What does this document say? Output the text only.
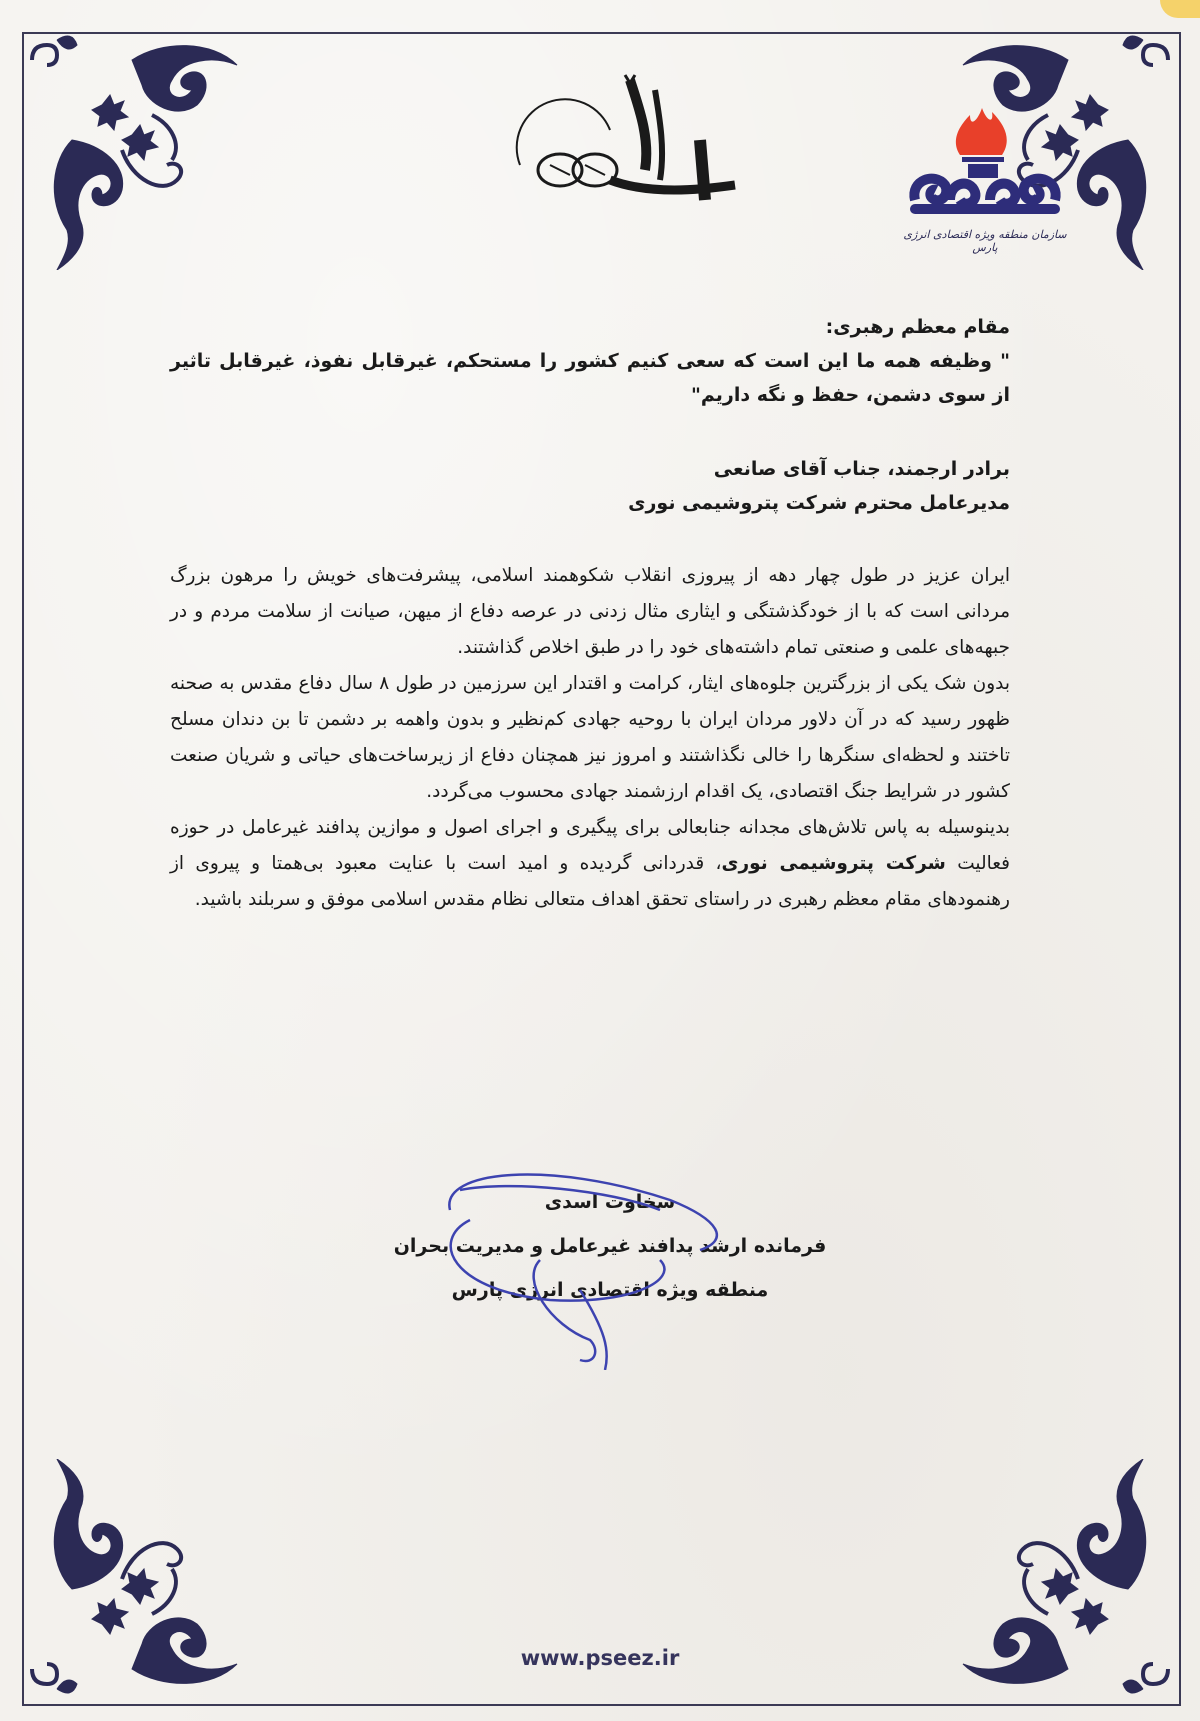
سازمان منطقه ویژه اقتصادی انرژی پارس
مقام معظم رهبری:

" وظیفه همه ما این است که سعی کنیم کشور را مستحکم، غیرقابل نفوذ، غیرقابل تاثیر از سوی دشمن، حفظ و نگه داریم"

برادر ارجمند، جناب آقای صانعی
مدیرعامل محترم شرکت پتروشیمی نوری

ایران عزیز در طول چهار دهه از پیروزی انقلاب شکوهمند اسلامی، پیشرفت‌های خویش را مرهون بزرگ مردانی است که با از خودگذشتگی و ایثاری مثال زدنی در عرصه دفاع از میهن، صیانت از سلامت مردم و در جبهه‌های علمی و صنعتی تمام داشته‌های خود را در طبق اخلاص گذاشتند.

بدون شک یکی از بزرگترین جلوه‌های ایثار، کرامت و اقتدار این سرزمین در طول ۸ سال دفاع مقدس به صحنه ظهور رسید که در آن دلاور مردان ایران با روحیه جهادی کم‌نظیر و بدون واهمه بر دشمن تا بن دندان مسلح تاختند و لحظه‌ای سنگرها را خالی نگذاشتند و امروز نیز همچنان دفاع از زیرساخت‌های حیاتی و شریان صنعت کشور در شرایط جنگ اقتصادی، یک اقدام ارزشمند جهادی محسوب می‌گردد.

بدینوسیله به پاس تلاش‌های مجدانه جنابعالی برای پیگیری و اجرای اصول و موازین پدافند غیرعامل در حوزه فعالیت شرکت پتروشیمی نوری، قدردانی گردیده و امید است با عنایت معبود بی‌همتا و پیروی از رهنمودهای مقام معظم رهبری در راستای تحقق اهداف متعالی نظام مقدس اسلامی موفق و سربلند باشید.

سخاوت اسدی
فرمانده ارشد پدافند غیرعامل و مدیریت بحران
منطقه ویژه اقتصادی انرژی پارس
www.pseez.ir
